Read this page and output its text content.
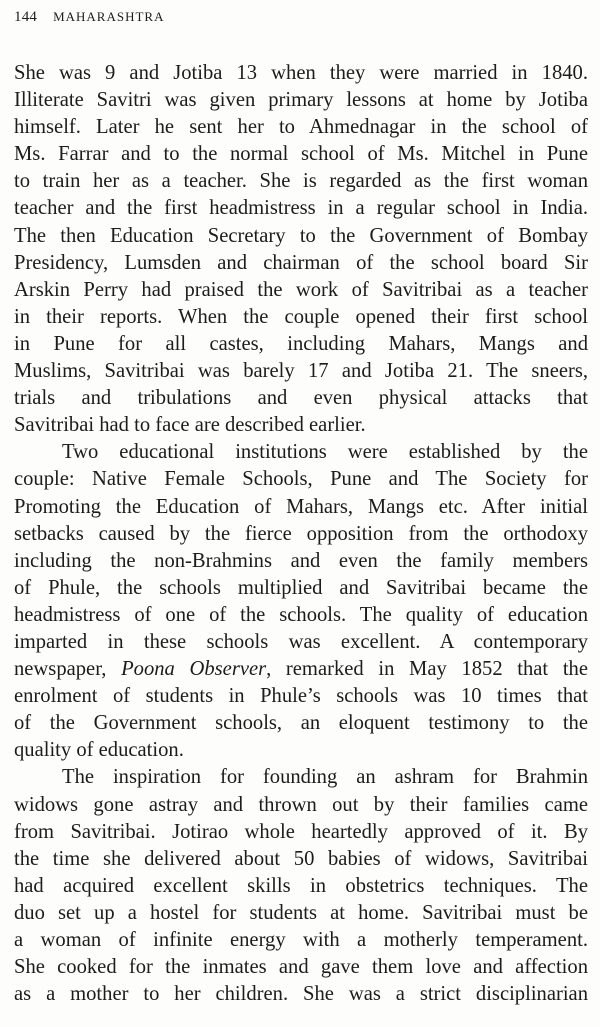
144 MAHARASHTRA
She was 9 and Jotiba 13 when they were married in 1840.
Illiterate Savitri was given primary lessons at home by Jotiba
himself. Later he sent her to Ahmednagar in the school of
Ms. Farrar and to the normal school of Ms. Mitchel in Pune
to train her as a teacher. She is regarded as the first woman
teacher and the first headmistress in a regular school in India.
The then Education Secretary to the Government of Bombay
Presidency, Lumsden and chairman of the school board Sir
Arskin Perry had praised the work of Savitribai as a teacher
in their reports. When the couple opened their first school
in Pune for all castes, including Mahars, Mangs and
Muslims, Savitribai was barely 17 and Jotiba 21. The sneers,
trials and tribulations and even physical attacks that
Savitribai had to face are described earlier.
Two educational institutions were established by the
couple: Native Female Schools, Pune and The Society for
Promoting the Education of Mahars, Mangs etc. After initial
setbacks caused by the fierce opposition from the orthodoxy
including the non-Brahmins and even the family members
of Phule, the schools multiplied and Savitribai became the
headmistress of one of the schools. The quality of education
imparted in these schools was excellent. A contemporary
newspaper, Poona Observer, remarked in May 1852 that the
enrolment of students in Phule’s schools was 10 times that
of the Government schools, an eloquent testimony to the
quality of education.
The inspiration for founding an ashram for Brahmin
widows gone astray and thrown out by their families came
from Savitribai. Jotirao whole heartedly approved of it. By
the time she delivered about 50 babies of widows, Savitribai
had acquired excellent skills in obstetrics techniques. The
duo set up a hostel for students at home. Savitribai must be
a woman of infinite energy with a motherly temperament.
She cooked for the inmates and gave them love and affection
as a mother to her children. She was a strict disciplinarian
